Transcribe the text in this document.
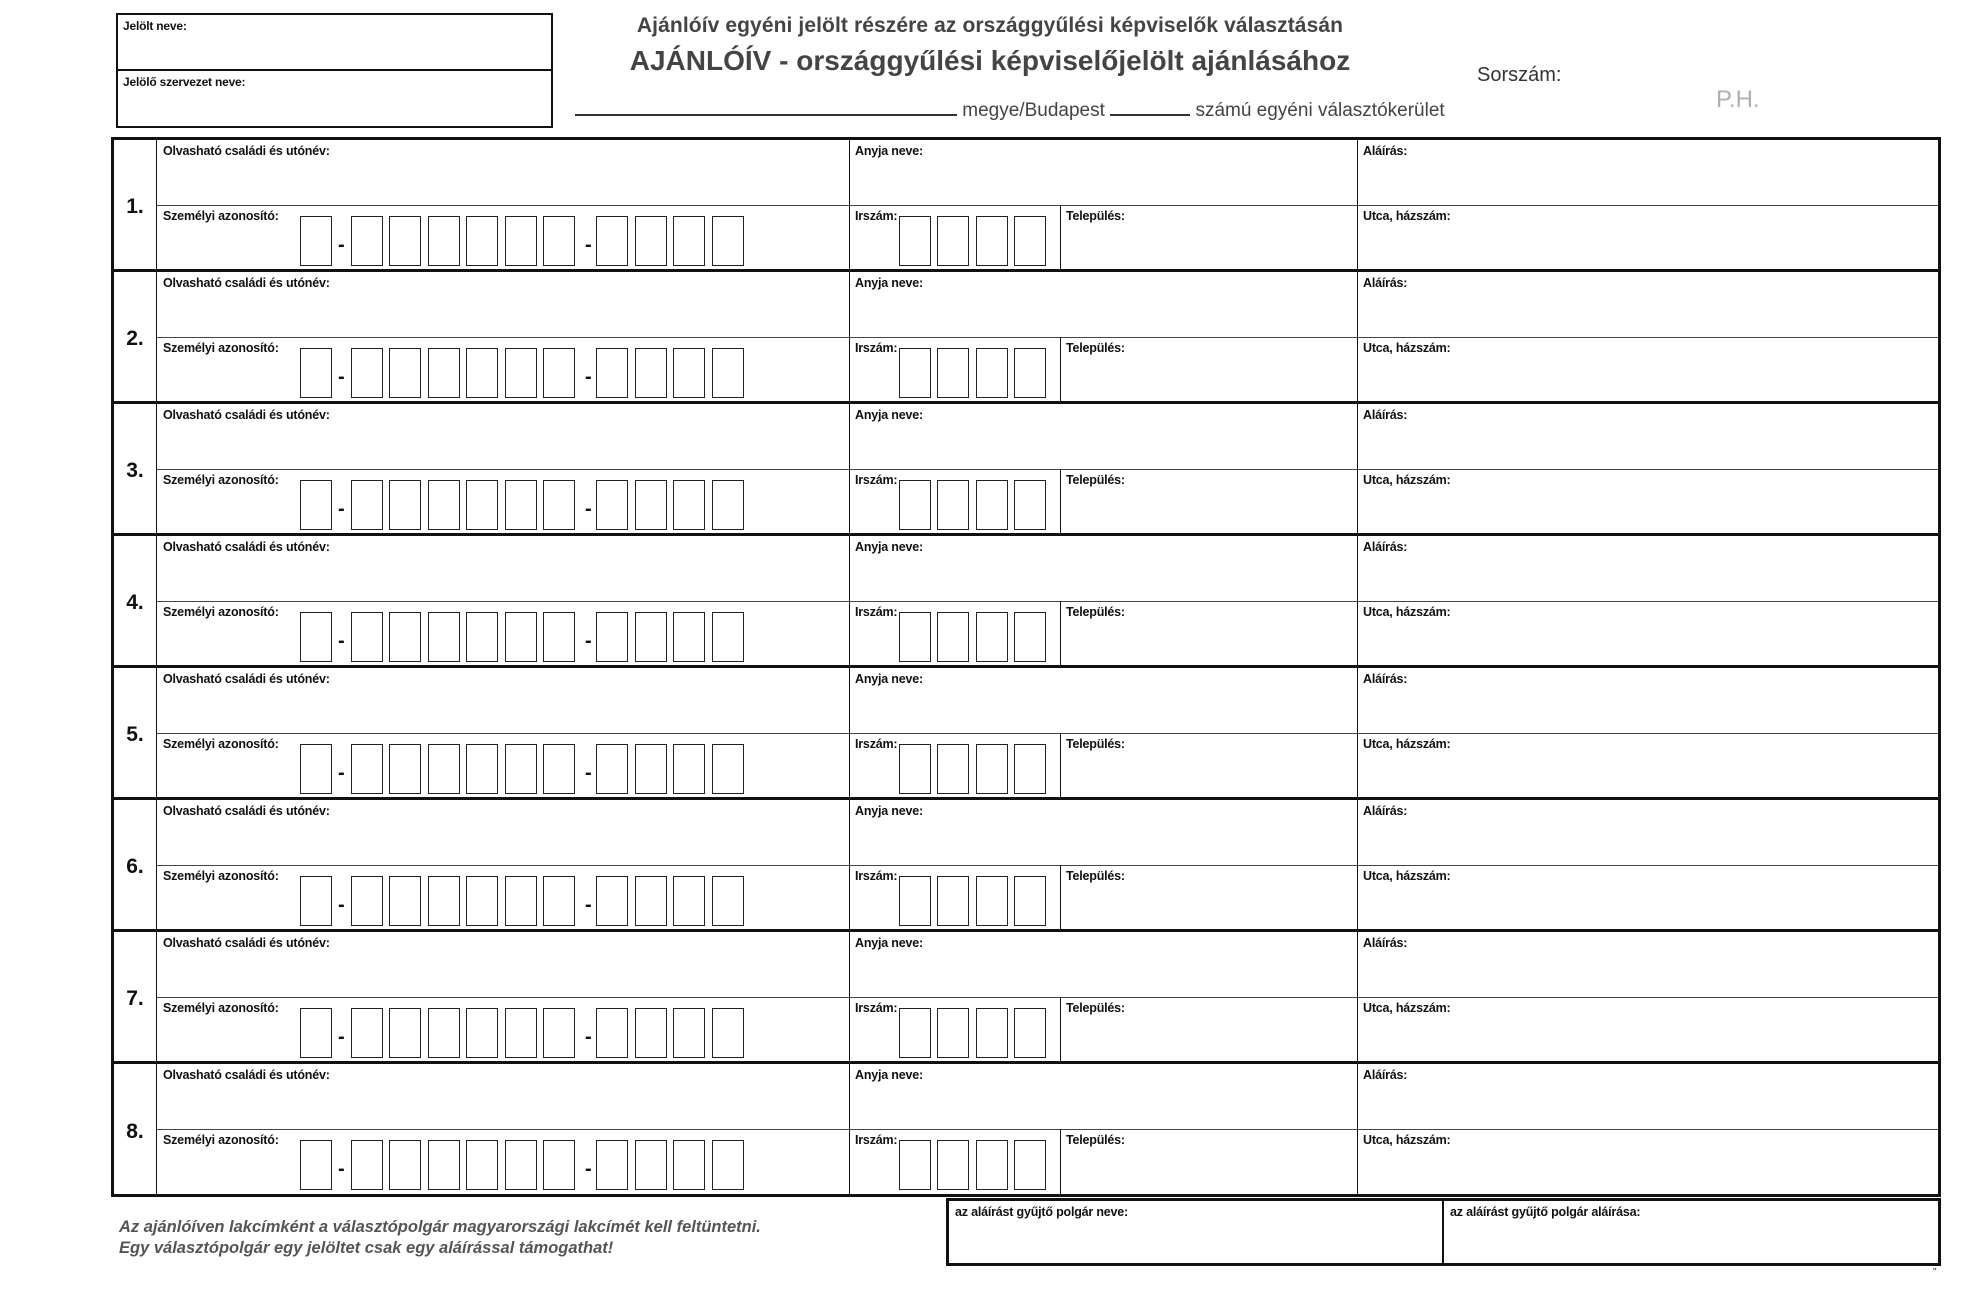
Jelölt neve:
Jelölő szervezet neve:
Ajánlóív egyéni jelölt részére az országgyűlési képviselők választásán
AJÁNLÓÍV - országgyűlési képviselőjelölt ajánlásához
megye/Budapest	számú egyéni választókerület
Sorszám:
P.H.
1.
Olvasható családi és utónév:	Anyja neve:	Aláírás:
Személyi azonosító:	Irszám:	Település:	Utca, házszám:
-	-
2.
Olvasható családi és utónév:	Anyja neve:	Aláírás:
Személyi azonosító:	Irszám:	Település:	Utca, házszám:
-	-
3.
Olvasható családi és utónév:	Anyja neve:	Aláírás:
Személyi azonosító:	Irszám:	Település:	Utca, házszám:
-	-
4.
Olvasható családi és utónév:	Anyja neve:	Aláírás:
Személyi azonosító:	Irszám:	Település:	Utca, házszám:
-	-
5.
Olvasható családi és utónév:	Anyja neve:	Aláírás:
Személyi azonosító:	Irszám:	Település:	Utca, házszám:
-	-
6.
Olvasható családi és utónév:	Anyja neve:	Aláírás:
Személyi azonosító:	Irszám:	Település:	Utca, házszám:
-	-
7.
Olvasható családi és utónév:	Anyja neve:	Aláírás:
Személyi azonosító:	Irszám:	Település:	Utca, házszám:
-	-
8.
Olvasható családi és utónév:	Anyja neve:	Aláírás:
Személyi azonosító:	Irszám:	Település:	Utca, házszám:
-	-
Az ajánlóíven lakcímként a választópolgár magyarországi lakcímét kell feltüntetni.
Egy választópolgár egy jelöltet csak egy aláírással támogathat!
az aláírást gyűjtő polgár neve:	az aláírást gyűjtő polgár aláírása:
"
